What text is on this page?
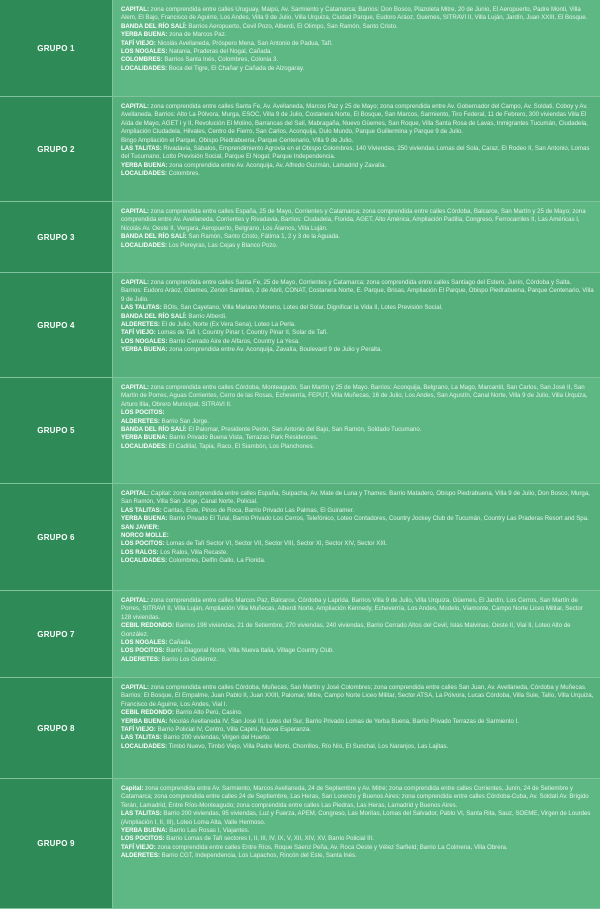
GRUPO 1

CAPITAL: zona comprendida entre calles Uruguay, Maipú, Av. Sarmiento y Catamarca; Barrios: Don Bosco, Plazoleta Mitre, 20 de Junio, El Aeropuerto, Padre Monti, Villa Alem, El Bajo, Francisco de Aguirre, Los Andes, Villa 9 de Julio, Villa Urquiza, Ciudad Parque, Eudoro Aráoz, Guemes, SITRAVI II, Villa Luján, Jardín, Juan XXIII, El Bosque.

BANDA DEL RÍO SALÍ: Barrios Aeropuerto, Cevil Pozo, Alberdi, El Olimpo, San Ramón, Santo Cristo.

YERBA BUENA: zona de Marcos Paz.

TAFÍ VIEJO: Nicolás Avellaneda, Próspero Mena, San Antonio de Padua, Tafí.

LOS NOGALES: Natania, Praderas del Nogal, Cañada.

COLOMBRES: Barrios Santa Inés, Colombres, Colonia 3.

LOCALIDADES: Boca del Tigre, El Chañar y Cañada de Alzogaray.

GRUPO 2

CAPITAL: zona comprendida entre calles Santa Fe, Av. Avellaneda, Marcos Paz y 25 de Mayo; zona comprendida entre Av. Gobernador del Campo, Av. Soldati, Coboy y Av. Avellaneda. Barrios: Alto La Pólvora, Murga, ESOC, Villa 9 de Julio, Costanera Norte, El Bosque, San Marcos, Sarmiento, Tiro Federal, 11 de Febrero, 300 viviendas Villa El Aída de Mayo, AGET I y II, Revolución El Molino, Barrancas del Salí, Mabragaña, Nuevo Güemes, San Roque, Villa Santa Rosa de Lavas, Inmigrantes Tucumán, Ciudadela, Ampliación Ciudadela, Hilvales, Centro de Fierro, San Carlos, Aconquija, Dulo Mundo, Parque Guillermina y Parque 9 de Julio.

Bingo Ampliación el Parque, Obispo Piedrabuena, Parque Centenario, Villa 9 de Julio.

LAS TALITAS: Rivadavia, Sábalos, Emprendimiento Agrovia en el Obispo Colombres, 140 Viviendas, 250 viviendas Lomas del Sola, Caraz, El Rodeo II, San Antonio, Lomas del Tucumano, Lotto Previsión Social, Parque El Nogal; Parque Independencia.

YERBA BUENA: zona comprendida entre Av. Aconquija, Av. Alfredo Guzmán, Lamadrid y Zavalía.

LOCALIDADES: Colombres.

GRUPO 3

CAPITAL: zona comprendida entre calles España, 25 de Mayo, Corrientes y Catamarca; zona comprendida entre calles Córdoba, Balcarce, San Martín y 25 de Mayo; zona comprendida entre Av. Avellaneda, Corrientes y Rivadavia, Barrios: Ciudadela, Florida, AGET, Alto América, Ampliación Padilla, Congreso, Ferrocarriles II, Las Américas I, Nicolás Av. Oeste II, Vergara, Aeropuerto, Belgrano, Los Álamos, Villa Luján.

BANDA DEL RÍO SALÍ: San Ramón, Santo Cristo, Fátima 1, 2 y 3 de la Aguada.

LOCALIDADES: Los Pereyras, Las Cejas y Blanco Pozo.

GRUPO 4

CAPITAL: zona comprendida entre calles Santa Fe, 25 de Mayo, Corrientes y Catamarca; zona comprendida entre calles Santiago del Estero, Junín, Córdoba y Salta. Barrios: Eudoro Aráoz, Güemes, Zenón Santillán, 2 de Abril, CONAT, Costanera Norte, E. Parque, Brisas, Ampliación El Parque, Obispo Piedrabuena, Parque Centenario, Villa 9 de Julio.

LAS TALITAS: BOIs, San Cayetano, Villa Mariano Moreno, Lotes del Solar, Dignificar la Vida II, Lotes Previsión Social.

BANDA DEL RÍO SALÍ: Barrio Alberdi.

ALDERETES: El de Julio, Norte (Ex Vera Sena), Loteo La Perla.

TAFÍ VIEJO: Lomas de Tafí I, Country Pinar I, Country Pinar II, Solar de Tafí.

LOS NOGALES: Barrio Cerrado Aire de Alfaros, Country La Yesa.

YERBA BUENA: zona comprendida entre Av. Aconquija, Zavalía, Boulevard 9 de Julio y Peralta.

GRUPO 5

CAPITAL: zona comprendida entre calles Córdoba, Monteagudo, San Martín y 25 de Mayo. Barrios: Aconquija, Belgrano, La Mago, Marcantil, San Carlos, San José II, San Martín de Porres, Aguas Corrientes, Cerro de las Rosas, Echeverría, FEPUT, Villa Muñecas, 16 de Julio, Los Andes, San Agustín, Canal Norte, Villa 9 de Julio, Villa Urquiza, Arturo Illia, Obrero Municipal, SITRAVI II.

LOS POCITOS:

ALDERETES: Barrio San Jorge.

BANDA DEL RÍO SALÍ: El Palomar, Presidente Perón, San Antonio del Bajo, San Ramón, Soldado Tucumano.

YERBA BUENA: Barrio Privado Buena Vista, Terrazas Park Residences.

LOCALIDADES: El Cadillal, Tapia, Raco, El Siambón, Los Planchones.

GRUPO 6

CAPITAL: Capital: zona comprendida entre calles España, Suipacha, Av. Mate de Luna y Thames. Barrio Matadero, Obispo Piedrabuena, Villa 9 de Julio, Don Bosco, Murga, San Ramón, Villa San Jorge, Canal Norte, Policial.

LAS TALITAS: Caritas, Este, Pinos de Roca, Barrio Privado Las Palmas, El Guiramer.

YERBA BUENA: Barrio Privado El Tulal, Barrio Privado Los Cerros, Telefónico, Loteo Contadores, Country Jockey Club de Tucumán, Country Las Praderas Resort and Spa.

SAN JAVIER:

NORCO MOLLE:

LOS POCITOS: Lomas de Tafí Sector VI, Sector VII, Sector VIII, Sector XI, Sector XIV, Sector XIII.

LOS RALOS: Los Ralos, Villa Recaste.

LOCALIDADES: Colombres, Delfín Gallo, La Florida.

GRUPO 7

CAPITAL: zona comprendida entre calles Marcos Paz, Balcarce, Córdoba y Laprida. Barrios Villa 9 de Julio, Villa Urquiza, Güemes, El Jardín, Los Cerros, San Martín de Porres, SITRAVI II, Villa Luján, Ampliación Villa Muñecas, Alberdi Norte, Ampliación Kennedy, Echeverría, Los Andes, Modelo, Viamonte, Campo Norte Liceo Militar, Sector 128 viviendas.

CEBIL REDONDO: Barrios 198 viviendas, 21 de Setiembre, 270 viviendas, 240 viviendas, Barrio Cerrado Altos del Cevil, Islas Malvinas, Oeste II, Vial II, Loteo Alto de González.

LOS NOGALES: Cañada.

LOS POCITOS: Barrio Diagonal Norte, Villa Nueva Italia, Village Country Club.

ALDERETES: Barrio Los Gutiérrez.

GRUPO 8

CAPITAL: zona comprendida entre calles Córdoba, Muñecas, San Martín y José Colombres; zona comprendida entre calles San Juan, Av. Avellaneda, Córdoba y Muñecas. Barrios: El Bosque, El Empalme, Juan Pablo II, Juan XXIII, Palomar, Mitre, Campo Norte Liceo Militar, Sector ATSA, La Pólvora, Lucas Córdoba, Villa Sule, Talío, Villa Urquiza, Francisco de Aguirre, Los Andes, Vial I.

CEBIL REDONDO: Barrio Alto Perú, Casino.

YERBA BUENA: Nicolás Avellaneda IV, San José III, Lotes del Sur, Barrio Privado Lomas de Yerba Buena, Barrio Privado Terrazas de Sarmiento I.

TAFÍ VIEJO: Barrio Policial IV, Centro, Villa Capiní, Nueva Esperanza.

LAS TALITAS: Barrio 200 viviendas, Virgen del Huerto.

LOCALIDADES: Timbó Nuevo, Timbó Viejo, Villa Padre Monti, Chorrillos, Río Nío, El Sunchal, Los Naranjos, Las Lajitas.

GRUPO 9

Capital: zona comprendida entre Av. Sarmiento, Marcos Avellaneda, 24 de Septiembre y Av. Mitre; zona comprendida entre calles Corrientes, Junín, 24 de Setiembre y Catamarca; zona comprendida entre calles 24 de Septiembre, Las Heras, San Lorenzo y Buenos Aires; zona comprendida entre calles Córdoba-Cuba, Av. Soldati Av. Brígido Terán, Lamadrid, Entre Ríos-Monteagudo; zona comprendida entre calles Las Piedras, Las Heras, Lamadrid y Buenos Aires.

LAS TALITAS: Barrio 200 viviendas, 95 viviendas, Luz y Fuerza, APEM, Congreso, Las Moritas, Lomas del Salvador, Pablo VI, Santa Rita, Sauz, SOEME, Virgen de Lourdes (Ampliación I, II, III), Loteo Loma Alta, Valle Hermoso.

YERBA BUENA: Barrio Las Rosas I, Viajantes.

LOS POCITOS: Barrio Lomas de Tafí sectores I, II, III, IV, IX, V, XII, XIV, XV, Barrio Policial III.

TAFÍ VIEJO: zona comprendida entre calles Entre Ríos, Roque Sáenz Peña, Av. Roca Oeste y Vélez Sarfield; Barrio La Colmena, Villa Obrera.

ALDERETES: Barrio CGT, Independencia, Los Lapachos, Rincón del Este, Santa Inés.
